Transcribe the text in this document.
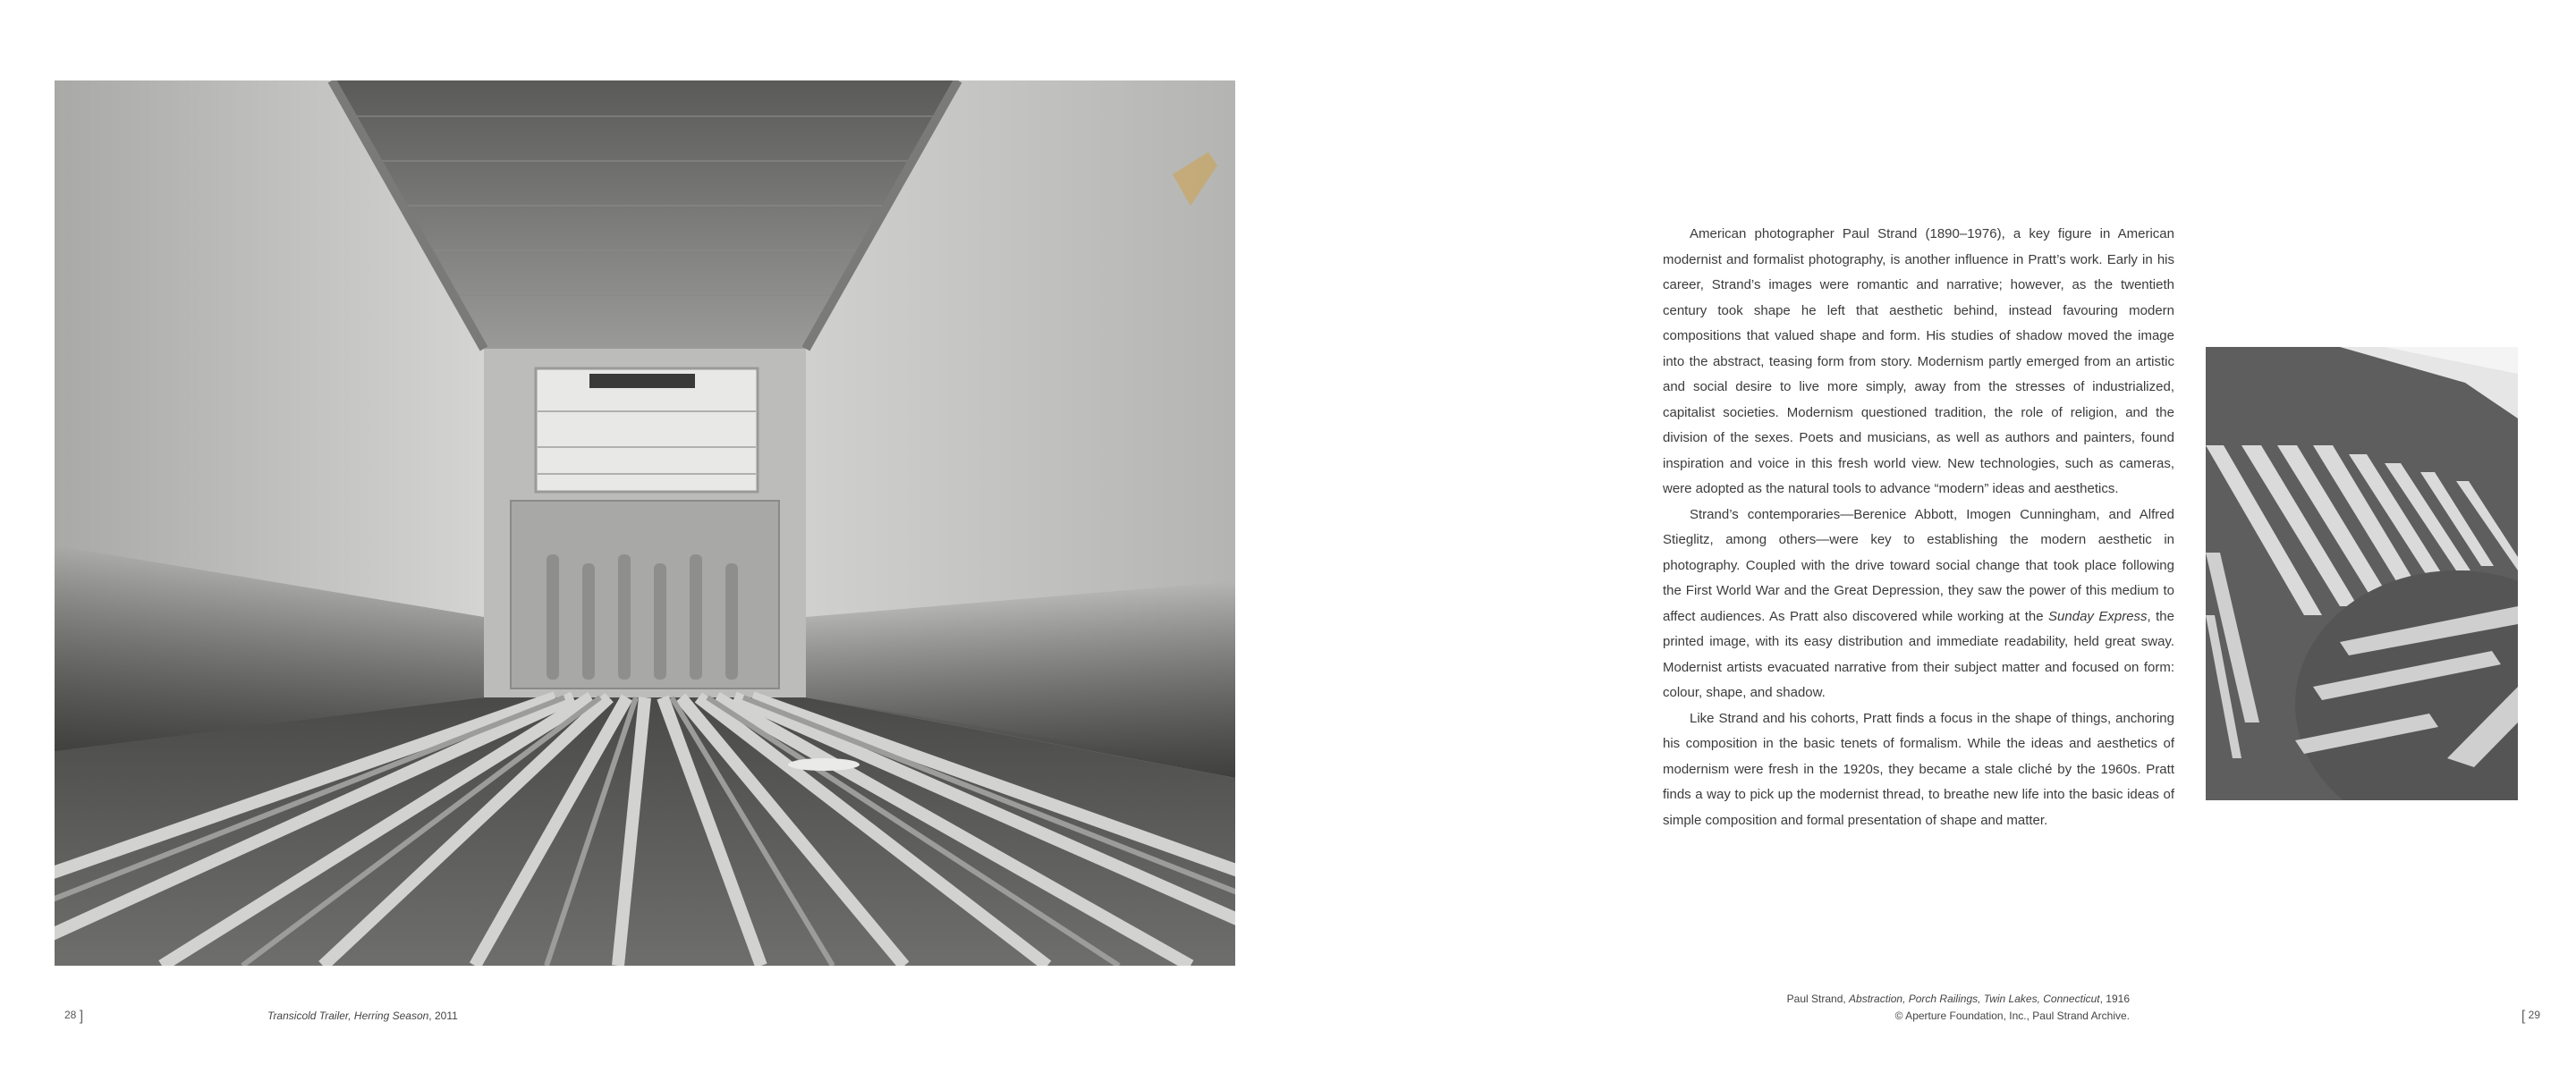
28 ]	Transicold Trailer, Herring Season, 2011

American photographer Paul Strand (1890–1976), a key figure in American modernist and formalist photography, is another influence in Pratt’s work. Early in his career, Strand’s images were romantic and narrative; however, as the twentieth century took shape he left that aesthetic behind, instead favouring modern compositions that valued shape and form. His studies of shadow moved the image into the abstract, teasing form from story. Modernism partly emerged from an artistic and social desire to live more simply, away from the stresses of industrialized, capitalist societies. Modernism questioned tradition, the role of religion, and the division of the sexes. Poets and musicians, as well as authors and painters, found inspiration and voice in this fresh world view. New technologies, such as cameras, were adopted as the natural tools to advance “modern” ideas and aesthetics.

Strand’s contemporaries—Berenice Abbott, Imogen Cunningham, and Alfred Stieglitz, among others—were key to establishing the modern aesthetic in photography. Coupled with the drive toward social change that took place following the First World War and the Great Depression, they saw the power of this medium to affect audiences. As Pratt also discovered while working at the Sunday Express, the printed image, with its easy distribution and immediate readability, held great sway. Modernist artists evacuated narrative from their subject matter and focused on form: colour, shape, and shadow.

Like Strand and his cohorts, Pratt finds a focus in the shape of things, anchoring his composition in the basic tenets of formalism. While the ideas and aesthetics of modernism were fresh in the 1920s, they became a stale cliché by the 1960s. Pratt finds a way to pick up the modernist thread, to breathe new life into the basic ideas of simple composition and formal presentation of shape and matter.

Paul Strand, Abstraction, Porch Railings, Twin Lakes, Connecticut, 1916
© Aperture Foundation, Inc., Paul Strand Archive.	[ 29
